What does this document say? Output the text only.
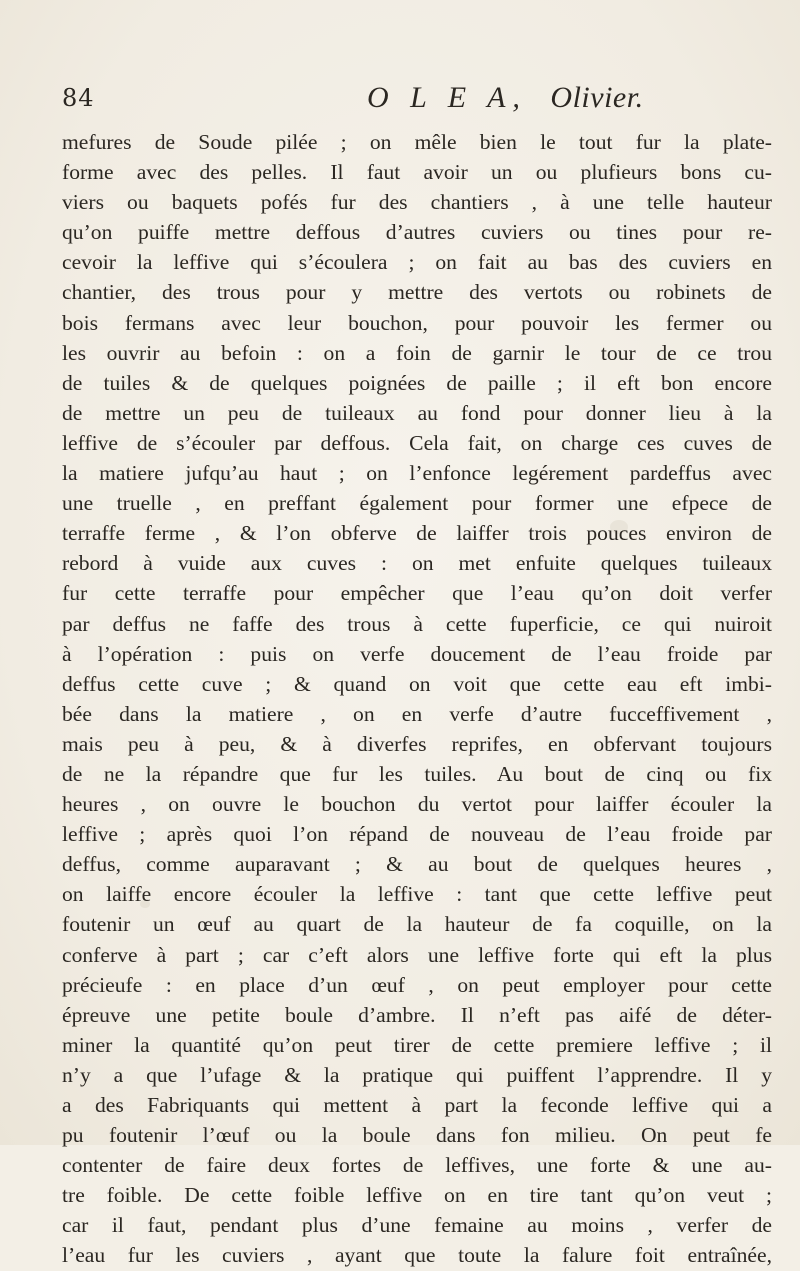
84	O L E A, Olivier.
mefures de Soude pilée ; on mêle bien le tout fur la plate-
forme avec des pelles. Il faut avoir un ou plufieurs bons cu-
viers ou baquets pofés fur des chantiers , à une telle hauteur
qu’on puiffe mettre deffous d’autres cuviers ou tines pour re-
cevoir la leffive qui s’écoulera ; on fait au bas des cuviers en
chantier, des trous pour y mettre des vertots ou robinets de
bois fermans avec leur bouchon, pour pouvoir les fermer ou
les ouvrir au befoin : on a foin de garnir le tour de ce trou
de tuiles & de quelques poignées de paille ; il eft bon encore
de mettre un peu de tuileaux au fond pour donner lieu à la
leffive de s’écouler par deffous. Cela fait, on charge ces cuves de
la matiere jufqu’au haut ; on l’enfonce legérement pardeffus avec
une truelle , en preffant également pour former une efpece de
terraffe ferme , & l’on obferve de laiffer trois pouces environ de
rebord à vuide aux cuves : on met enfuite quelques tuileaux
fur cette terraffe pour empêcher que l’eau qu’on doit verfer
par deffus ne faffe des trous à cette fuperficie, ce qui nuiroit
à l’opération : puis on verfe doucement de l’eau froide par
deffus cette cuve ; & quand on voit que cette eau eft imbi-
bée dans la matiere , on en verfe d’autre fucceffivement ,
mais peu à peu, & à diverfes reprifes, en obfervant toujours
de ne la répandre que fur les tuiles. Au bout de cinq ou fix
heures , on ouvre le bouchon du vertot pour laiffer écouler la
leffive ; après quoi l’on répand de nouveau de l’eau froide par
deffus, comme auparavant ; & au bout de quelques heures ,
on laiffe encore écouler la leffive : tant que cette leffive peut
foutenir un œuf au quart de la hauteur de fa coquille, on la
conferve à part ; car c’eft alors une leffive forte qui eft la plus
précieufe : en place d’un œuf , on peut employer pour cette
épreuve une petite boule d’ambre. Il n’eft pas aifé de déter-
miner la quantité qu’on peut tirer de cette premiere leffive ; il
n’y a que l’ufage & la pratique qui puiffent l’apprendre. Il y
a des Fabriquants qui mettent à part la feconde leffive qui a
pu foutenir l’œuf ou la boule dans fon milieu. On peut fe
contenter de faire deux fortes de leffives, une forte & une au-
tre foible. De cette foible leffive on en tire tant qu’on veut ;
car il faut, pendant plus d’une femaine au moins , verfer de
l’eau fur les cuviers , ayant que toute la falure foit entraînée,
